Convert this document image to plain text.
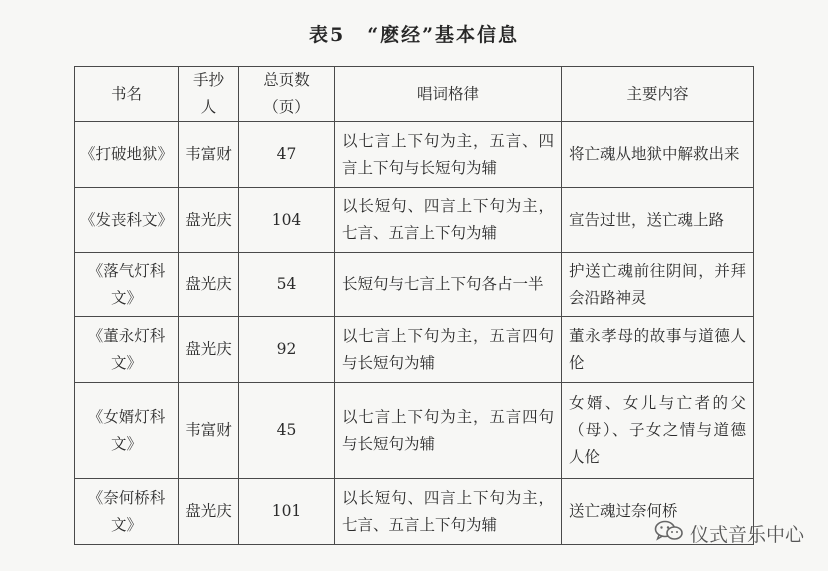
表5 “麽经”基本信息
书名	手抄人	总页数（页）	唱词格律	主要内容
《打破地狱》	韦富财	47	以七言上下句为主，五言、四言上下句与长短句为辅	将亡魂从地狱中解救出来
《发丧科文》	盘光庆	104	以长短句、四言上下句为主，七言、五言上下句为辅	宣告过世，送亡魂上路
《落气灯科文》	盘光庆	54	长短句与七言上下句各占一半	护送亡魂前往阴间，并拜会沿路神灵
《董永灯科文》	盘光庆	92	以七言上下句为主，五言四句与长短句为辅	董永孝母的故事与道德人伦
《女婿灯科文》	韦富财	45	以七言上下句为主，五言四句与长短句为辅	女婿、女儿与亡者的父（母）、子女之情与道德人伦
《奈何桥科文》	盘光庆	101	以长短句、四言上下句为主，七言、五言上下句为辅	送亡魂过奈何桥
仪式音乐中心
